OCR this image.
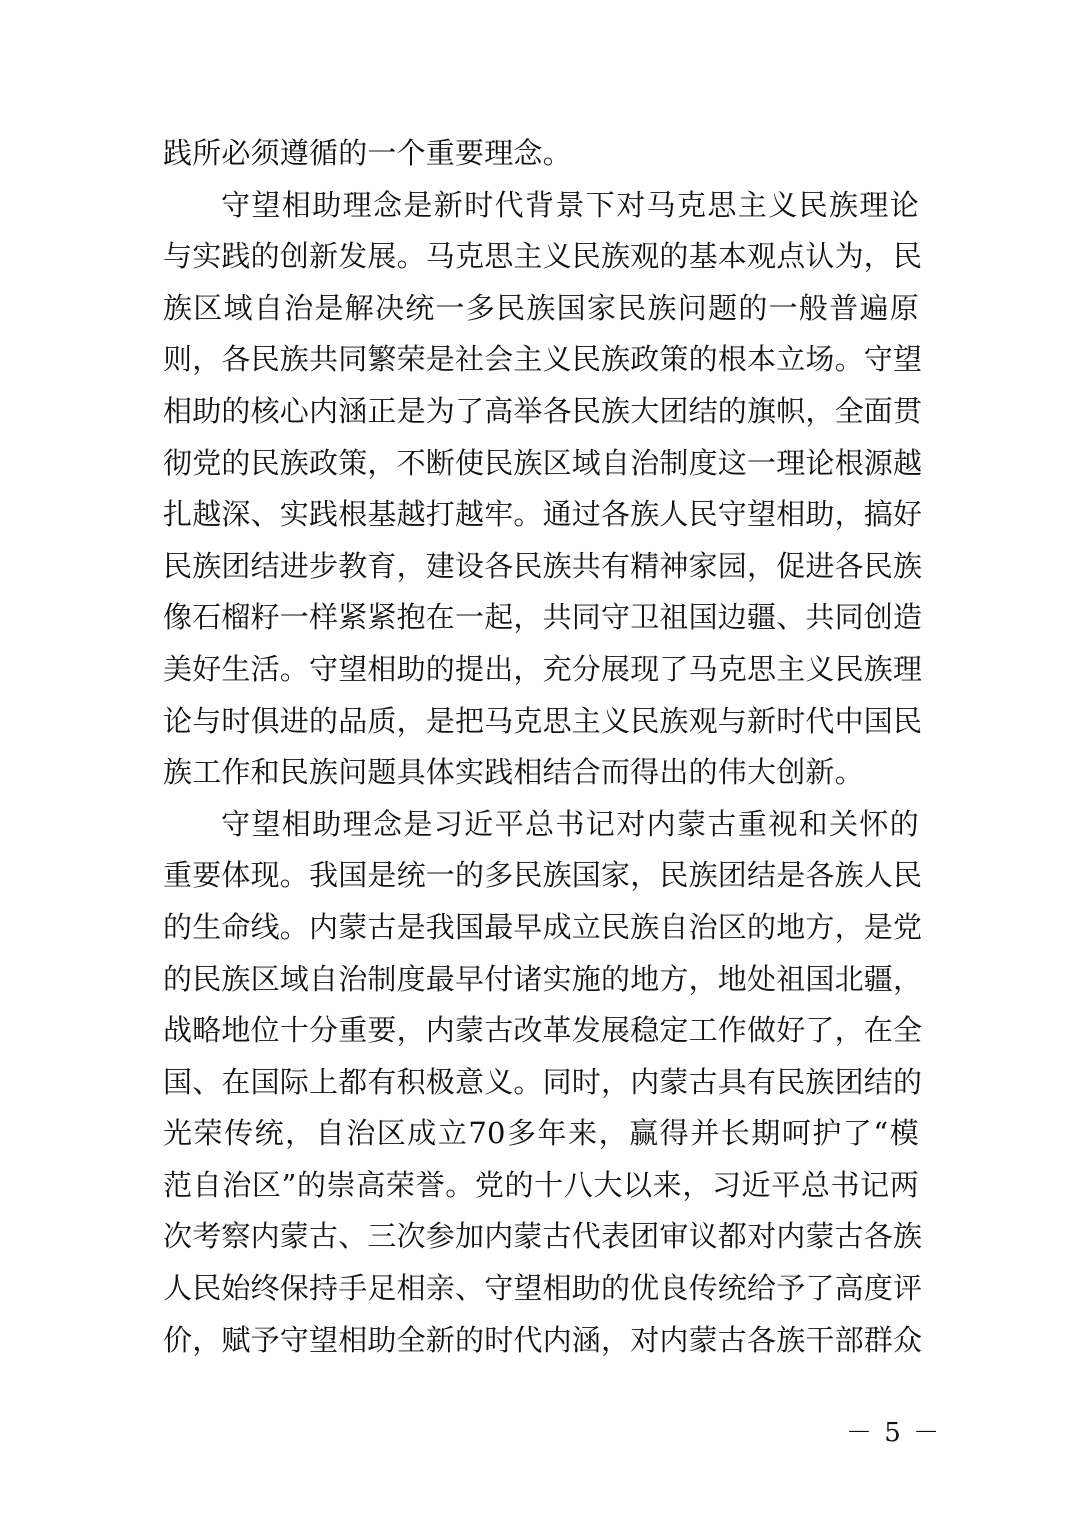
践所必须遵循的一个重要理念。
守望相助理念是新时代背景下对马克思主义民族理论
与实践的创新发展。马克思主义民族观的基本观点认为，民
族区域自治是解决统一多民族国家民族问题的一般普遍原
则，各民族共同繁荣是社会主义民族政策的根本立场。守望
相助的核心内涵正是为了高举各民族大团结的旗帜，全面贯
彻党的民族政策，不断使民族区域自治制度这一理论根源越
扎越深、实践根基越打越牢。通过各族人民守望相助，搞好
民族团结进步教育，建设各民族共有精神家园，促进各民族
像石榴籽一样紧紧抱在一起，共同守卫祖国边疆、共同创造
美好生活。守望相助的提出，充分展现了马克思主义民族理
论与时俱进的品质，是把马克思主义民族观与新时代中国民
族工作和民族问题具体实践相结合而得出的伟大创新。
守望相助理念是习近平总书记对内蒙古重视和关怀的
重要体现。我国是统一的多民族国家，民族团结是各族人民
的生命线。内蒙古是我国最早成立民族自治区的地方，是党
的民族区域自治制度最早付诸实施的地方，地处祖国北疆，
战略地位十分重要，内蒙古改革发展稳定工作做好了，在全
国、在国际上都有积极意义。同时，内蒙古具有民族团结的
光荣传统，自治区成立70多年来，赢得并长期呵护了“模
范自治区”的崇高荣誉。党的十八大以来，习近平总书记两
次考察内蒙古、三次参加内蒙古代表团审议都对内蒙古各族
人民始终保持手足相亲、守望相助的优良传统给予了高度评
价，赋予守望相助全新的时代内涵，对内蒙古各族干部群众
－ 5 －
